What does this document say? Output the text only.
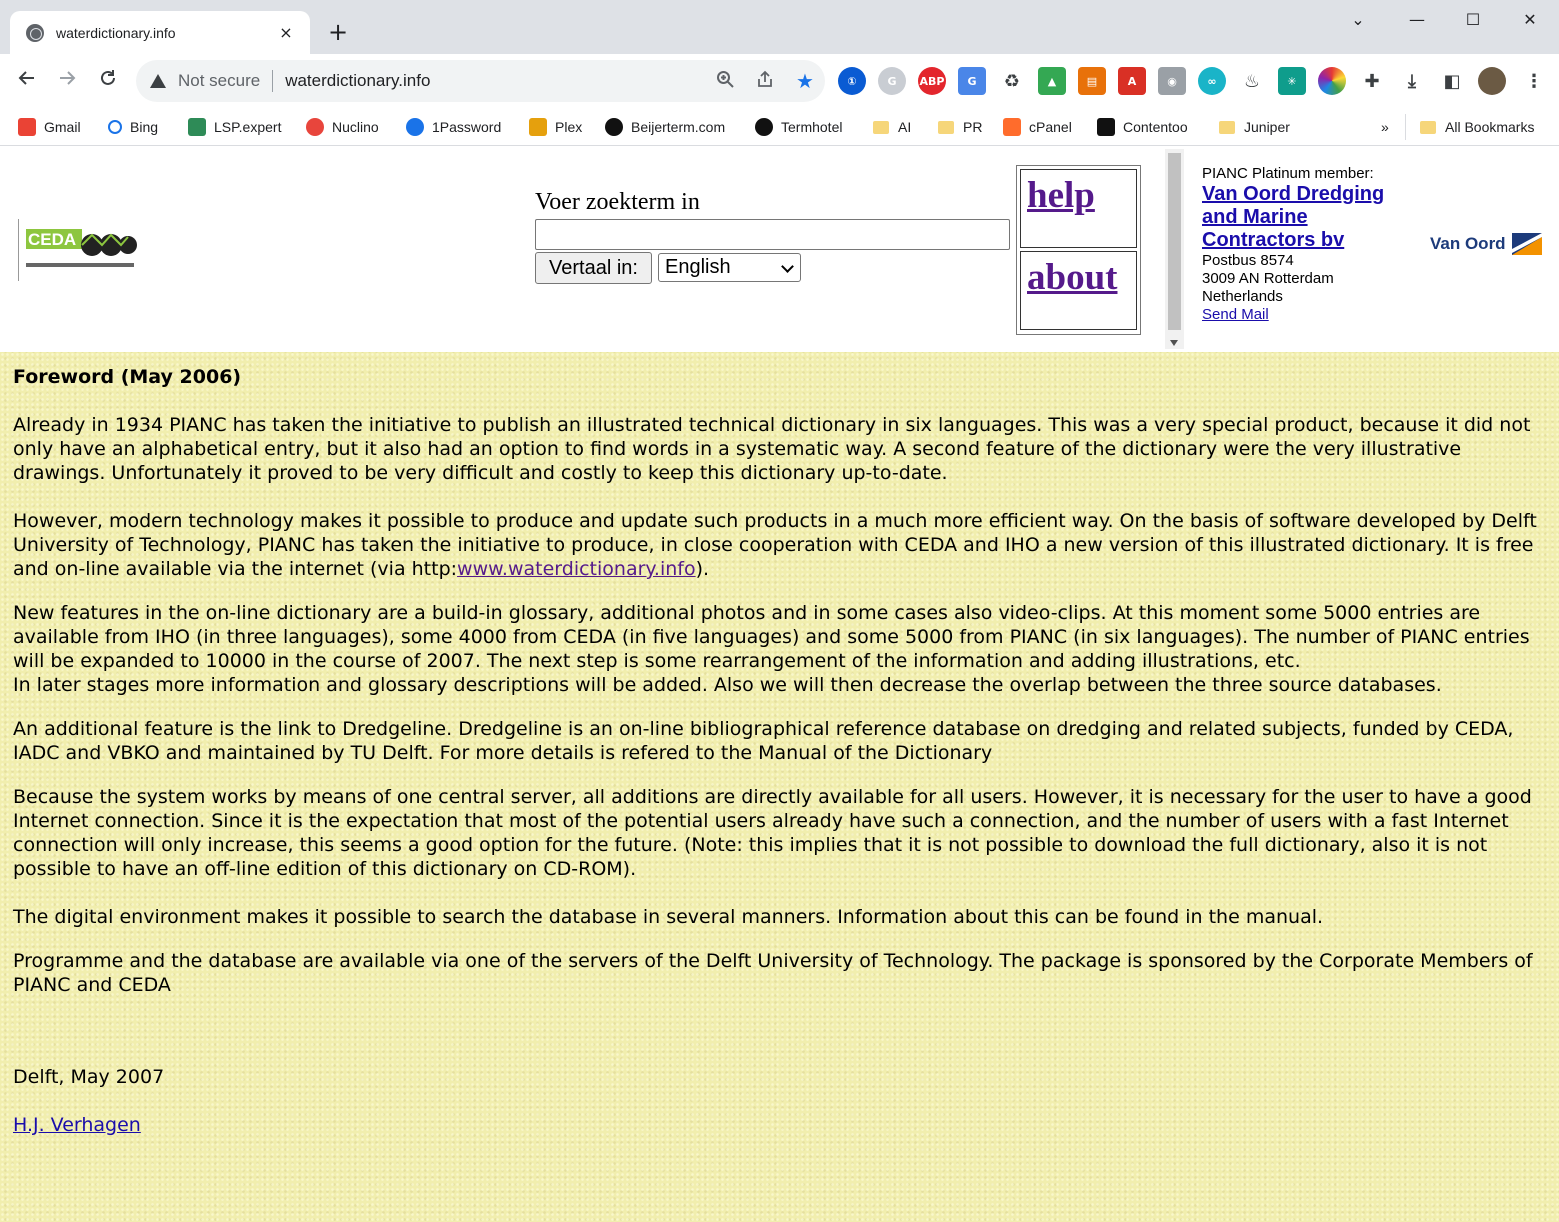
waterdictionary.info	× +	⌄	—	☐	✕
Not secure waterdictionary.info	★	①	G	ABP	G	♻	▲	▤	A	◉	∞	♨	✳	✚	⤓	◧	⋮
Gmail	Bing	LSP.expert	Nuclino	1Password	Plex	Beijerterm.com	Termhotel	AI	PR	cPanel	Contentoo	Juniper	»	All Bookmarks
CEDA
Voer zoekterm in
Vertaal in:	English
help
about
PIANC Platinum member:
Van Oord Dredging and Marine Contractors bv
Postbus 8574
3009 AN Rotterdam
Netherlands
Send Mail
Van Oord
Foreword (May 2006)

Already in 1934 PIANC has taken the initiative to publish an illustrated technical dictionary in six languages. This was a very special product, because it did not only have an alphabetical entry, but it also had an option to find words in a systematic way. A second feature of the dictionary were the very illustrative drawings. Unfortunately it proved to be very difficult and costly to keep this dictionary up-to-date.

However, modern technology makes it possible to produce and update such products in a much more efficient way. On the basis of software developed by Delft University of Technology, PIANC has taken the initiative to produce, in close cooperation with CEDA and IHO a new version of this illustrated dictionary. It is free and on-line available via the internet (via http:www.waterdictionary.info).

New features in the on-line dictionary are a build-in glossary, additional photos and in some cases also video-clips. At this moment some 5000 entries are available from IHO (in three languages), some 4000 from CEDA (in five languages) and some 5000 from PIANC (in six languages). The number of PIANC entries will be expanded to 10000 in the course of 2007. The next step is some rearrangement of the information and adding illustrations, etc.
In later stages more information and glossary descriptions will be added. Also we will then decrease the overlap between the three source databases.

An additional feature is the link to Dredgeline. Dredgeline is an on-line bibliographical reference database on dredging and related subjects, funded by CEDA, IADC and VBKO and maintained by TU Delft. For more details is refered to the Manual of the Dictionary

Because the system works by means of one central server, all additions are directly available for all users. However, it is necessary for the user to have a good Internet connection. Since it is the expectation that most of the potential users already have such a connection, and the number of users with a fast Internet connection will only increase, this seems a good option for the future. (Note: this implies that it is not possible to download the full dictionary, also it is not possible to have an off-line edition of this dictionary on CD-ROM).

The digital environment makes it possible to search the database in several manners. Information about this can be found in the manual.

Programme and the database are available via one of the servers of the Delft University of Technology. The package is sponsored by the Corporate Members of PIANC and CEDA

Delft, May 2007

H.J. Verhagen
